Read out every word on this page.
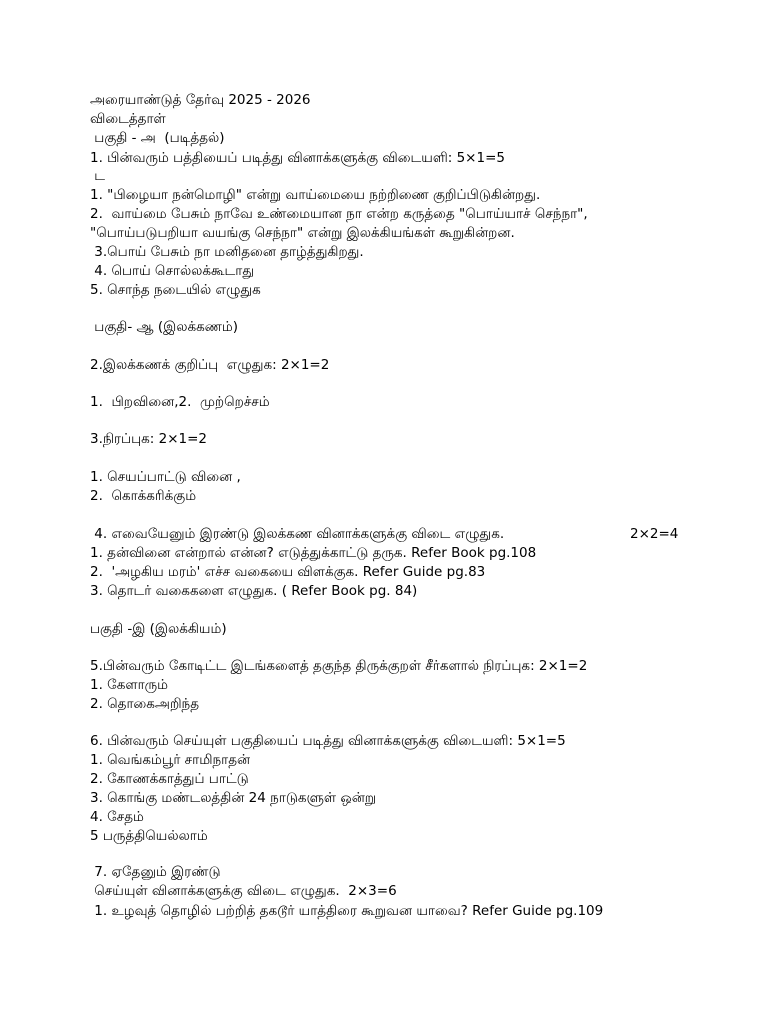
அரையாண்டுத் தேர்வு 2025 - 2026
விடைத்தாள்
பகுதி - அ  (படித்தல்)
1. பின்வரும் பத்தியைப் படித்து வினாக்களுக்கு விடையளி: 5×1=5
ட
1. "பிழையா நன்மொழி" என்று வாய்மையை நற்றிணை குறிப்பிடுகின்றது.
2.  வாய்மை பேசும் நாவே உண்மையான நா என்ற கருத்தை "பொய்யாச் செந்நா",
"பொய்படுபறியா வயங்கு செந்நா" என்று இலக்கியங்கள் கூறுகின்றன.
3.பொய் பேசும் நா மனிதனை தாழ்த்துகிறது.
4. பொய் சொல்லக்கூடாது
5. சொந்த நடையில் எழுதுக
பகுதி- ஆ (இலக்கணம்)
2.இலக்கணக் குறிப்பு  எழுதுக: 2×1=2
1.  பிறவினை,2.  முற்றெச்சம்
3.நிரப்புக: 2×1=2
1. செயப்பாட்டு வினை ,
2.  கொக்கரிக்கும்
4. எவையேனும் இரண்டு இலக்கண வினாக்களுக்கு விடை எழுதுக.	2×2=4
1. தன்வினை என்றால் என்ன? எடுத்துக்காட்டு தருக. Refer Book pg.108
2.  'அழகிய மரம்' எச்ச வகையை விளக்குக. Refer Guide pg.83
3. தொடர் வகைகளை எழுதுக. ( Refer Book pg. 84)
பகுதி -இ (இலக்கியம்)
5.பின்வரும் கோடிட்ட இடங்களைத் தகுந்த திருக்குறள் சீர்களால் நிரப்புக: 2×1=2
1. கேளாரும்
2. தொகைஅறிந்த
6. பின்வரும் செய்யுள் பகுதியைப் படித்து வினாக்களுக்கு விடையளி: 5×1=5
1. வெங்கம்பூர் சாமிநாதன்
2. கோணக்காத்துப் பாட்டு
3. கொங்கு மண்டலத்தின் 24 நாடுகளுள் ஒன்று
4. சேதம்
5 பருத்தியெல்லாம்
7. ஏதேனும் இரண்டு
செய்யுள் வினாக்களுக்கு விடை எழுதுக.  2×3=6
1. உழவுத் தொழில் பற்றித் தகடூர் யாத்திரை கூறுவன யாவை? Refer Guide pg.109
